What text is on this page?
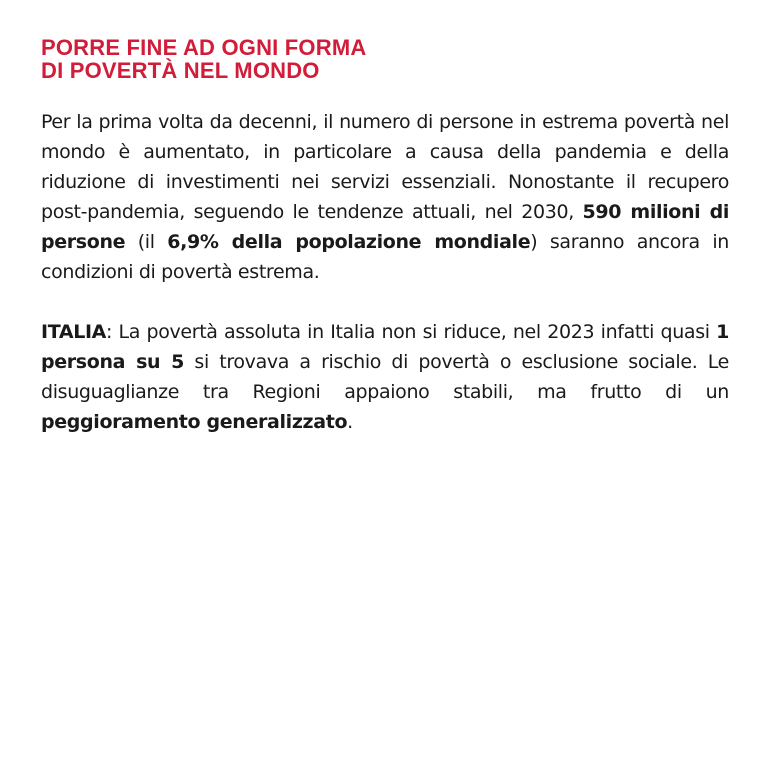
PORRE FINE AD OGNI FORMA
DI POVERTÀ NEL MONDO

Per la prima volta da decenni, il numero di persone in estrema povertà nel mondo è aumentato, in particolare a causa della pandemia e della riduzione di investimenti nei servizi essenziali. Nonostante il recupero post-pandemia, seguendo le tendenze attuali, nel 2030, 590 milioni di persone (il 6,9% della popolazione mondiale) saranno ancora in condizioni di povertà estrema.

ITALIA: La povertà assoluta in Italia non si riduce, nel 2023 infatti quasi 1 persona su 5 si trovava a rischio di povertà o esclusione sociale. Le disuguaglianze tra Regioni appaiono stabili, ma frutto di un peggioramento generalizzato.
